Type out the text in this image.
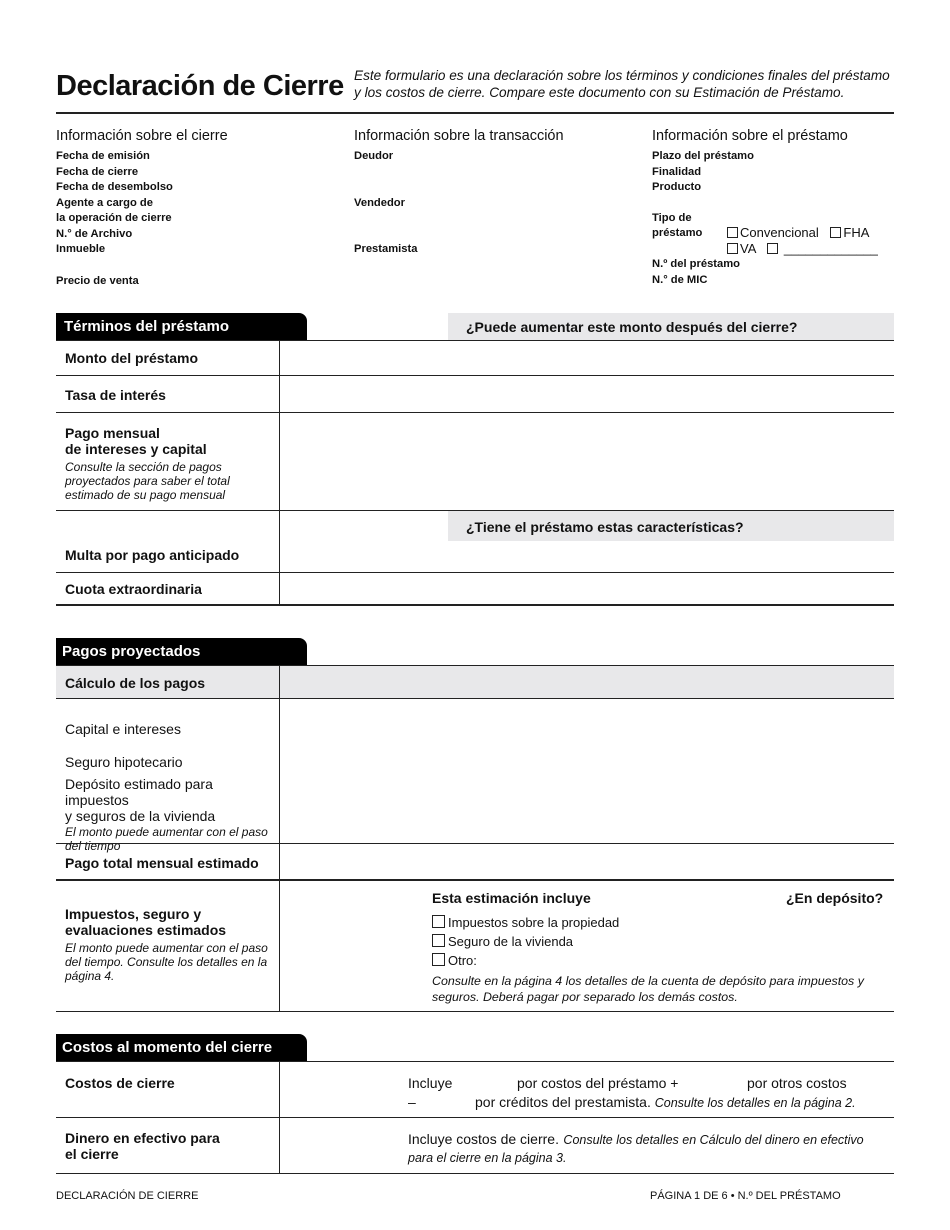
Declaración de Cierre Este formulario es una declaración sobre los términos y condiciones finales del préstamo
y los costos de cierre. Compare este documento con su Estimación de Préstamo.
Información sobre el cierre
Fecha de emisión
Fecha de cierre
Fecha de desembolso
Agente a cargo de
la operación de cierre
N.° de Archivo
Inmueble
Precio de venta
Información sobre la transacción
Deudor
Vendedor
Prestamista
Información sobre el préstamo
Plazo del préstamo
Finalidad
Producto
Tipo de
préstamo	Convencional FHA
VA _____________
N.º del préstamo
N.° de MIC
Términos del préstamo	¿Puede aumentar este monto después del cierre?
Monto del préstamo
Tasa de interés
Pago mensual
de intereses y capital
Consulte la sección de pagos proyectados para saber el total estimado de su pago mensual
¿Tiene el préstamo estas características?
Multa por pago anticipado
Cuota extraordinaria
Pagos proyectados
Cálculo de los pagos
Capital e intereses
Seguro hipotecario
Depósito estimado para impuestos
y seguros de la vivienda
El monto puede aumentar con el paso del tiempo
Pago total mensual estimado
Impuestos, seguro y
evaluaciones estimados
El monto puede aumentar con el paso del tiempo. Consulte los detalles en la página 4.
Esta estimación incluye	¿En depósito?
Impuestos sobre la propiedad
Seguro de la vivienda
Otro:
Consulte en la página 4 los detalles de la cuenta de depósito para impuestos y seguros. Deberá pagar por separado los demás costos.
Costos al momento del cierre
Costos de cierre	Incluye	por costos del préstamo +	por otros costos
–	por créditos del prestamista. Consulte los detalles en la página 2.
Dinero en efectivo para
el cierre
Incluye costos de cierre. Consulte los detalles en Cálculo del dinero en efectivo
para el cierre en la página 3.
DECLARACIÓN DE CIERRE	PÁGINA 1 DE 6 • N.º DEL PRÉSTAMO
